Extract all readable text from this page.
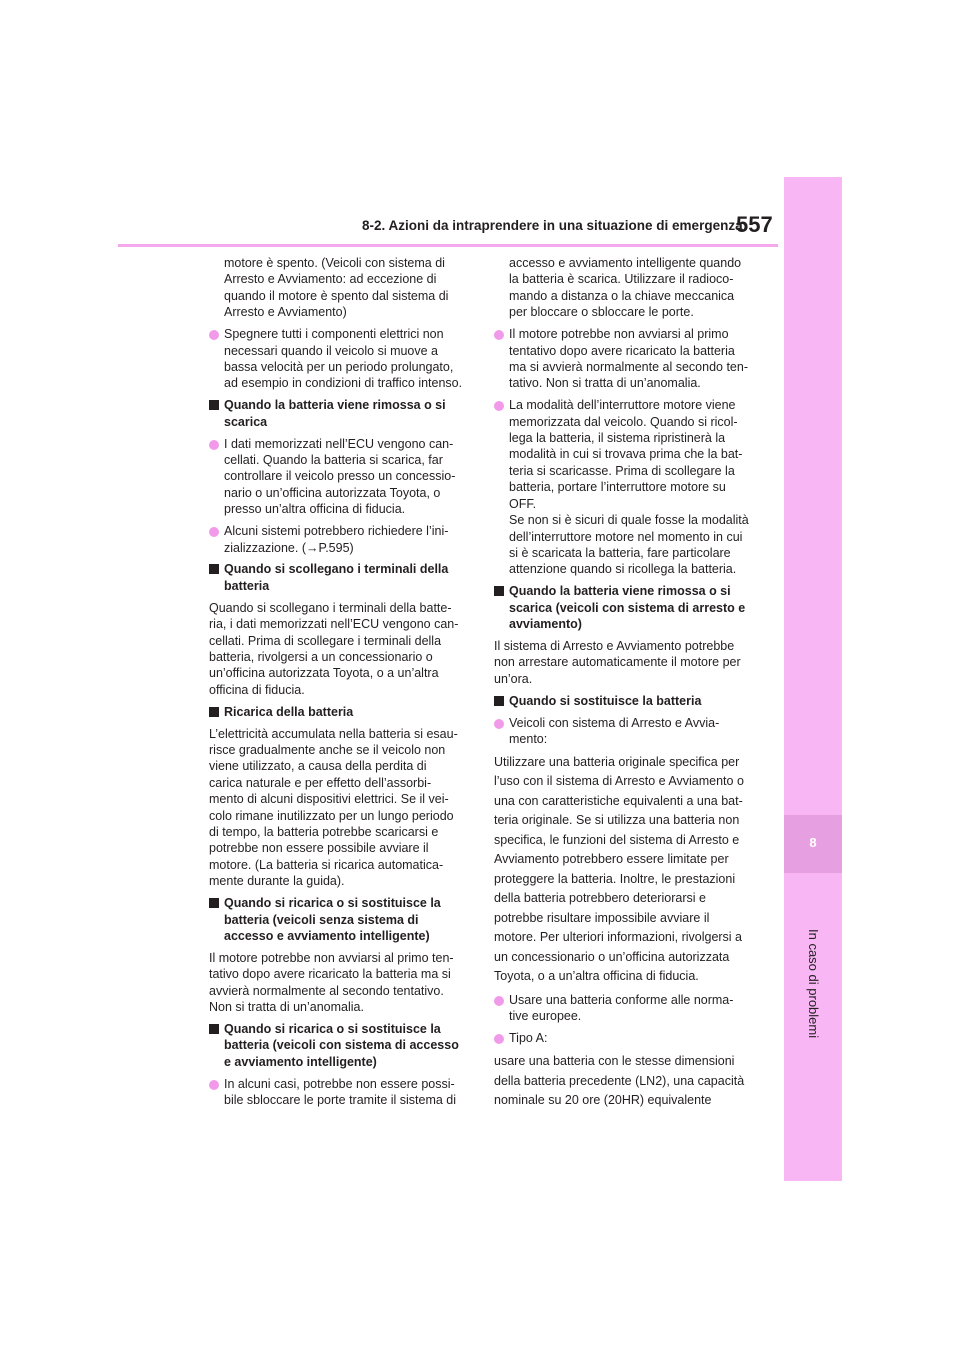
8-2. Azioni da intraprendere in una situazione di emergenza
557
8
In caso di problemi

motore è spento. (Veicoli con sistema di
Arresto e Avviamento: ad eccezione di
quando il motore è spento dal sistema di
Arresto e Avviamento)

Spegnere tutti i componenti elettrici non
necessari quando il veicolo si muove a
bassa velocità per un periodo prolungato,
ad esempio in condizioni di traffico intenso.

Quando la batteria viene rimossa o si
scarica

I dati memorizzati nell’ECU vengono can-
cellati. Quando la batteria si scarica, far
controllare il veicolo presso un concessio-
nario o un’officina autorizzata Toyota, o
presso un’altra officina di fiducia.

Alcuni sistemi potrebbero richiedere l’ini-
zializzazione. (→P.595)

Quando si scollegano i terminali della
batteria

Quando si scollegano i terminali della batte-
ria, i dati memorizzati nell’ECU vengono can-
cellati. Prima di scollegare i terminali della
batteria, rivolgersi a un concessionario o
un’officina autorizzata Toyota, o a un’altra
officina di fiducia.

Ricarica della batteria

L’elettricità accumulata nella batteria si esau-
risce gradualmente anche se il veicolo non
viene utilizzato, a causa della perdita di
carica naturale e per effetto dell’assorbi-
mento di alcuni dispositivi elettrici. Se il vei-
colo rimane inutilizzato per un lungo periodo
di tempo, la batteria potrebbe scaricarsi e
potrebbe non essere possibile avviare il
motore. (La batteria si ricarica automatica-
mente durante la guida).

Quando si ricarica o si sostituisce la
batteria (veicoli senza sistema di
accesso e avviamento intelligente)

Il motore potrebbe non avviarsi al primo ten-
tativo dopo avere ricaricato la batteria ma si
avvierà normalmente al secondo tentativo.
Non si tratta di un’anomalia.

Quando si ricarica o si sostituisce la
batteria (veicoli con sistema di accesso
e avviamento intelligente)

In alcuni casi, potrebbe non essere possi-
bile sbloccare le porte tramite il sistema di

accesso e avviamento intelligente quando
la batteria è scarica. Utilizzare il radioco-
mando a distanza o la chiave meccanica
per bloccare o sbloccare le porte.

Il motore potrebbe non avviarsi al primo
tentativo dopo avere ricaricato la batteria
ma si avvierà normalmente al secondo ten-
tativo. Non si tratta di un’anomalia.

La modalità dell’interruttore motore viene
memorizzata dal veicolo. Quando si ricol-
lega la batteria, il sistema ripristinerà la
modalità in cui si trovava prima che la bat-
teria si scaricasse. Prima di scollegare la
batteria, portare l’interruttore motore su
OFF.
Se non si è sicuri di quale fosse la modalità
dell’interruttore motore nel momento in cui
si è scaricata la batteria, fare particolare
attenzione quando si ricollega la batteria.

Quando la batteria viene rimossa o si
scarica (veicoli con sistema di arresto e
avviamento)

Il sistema di Arresto e Avviamento potrebbe
non arrestare automaticamente il motore per
un’ora.

Quando si sostituisce la batteria

Veicoli con sistema di Arresto e Avvia-
mento:

Utilizzare una batteria originale specifica per
l’uso con il sistema di Arresto e Avviamento o
una con caratteristiche equivalenti a una bat-
teria originale. Se si utilizza una batteria non
specifica, le funzioni del sistema di Arresto e
Avviamento potrebbero essere limitate per
proteggere la batteria. Inoltre, le prestazioni
della batteria potrebbero deteriorarsi e
potrebbe risultare impossibile avviare il
motore. Per ulteriori informazioni, rivolgersi a
un concessionario o un’officina autorizzata
Toyota, o a un’altra officina di fiducia.

Usare una batteria conforme alle norma-
tive europee.

Tipo A:

usare una batteria con le stesse dimensioni
della batteria precedente (LN2), una capacità
nominale su 20 ore (20HR) equivalente
